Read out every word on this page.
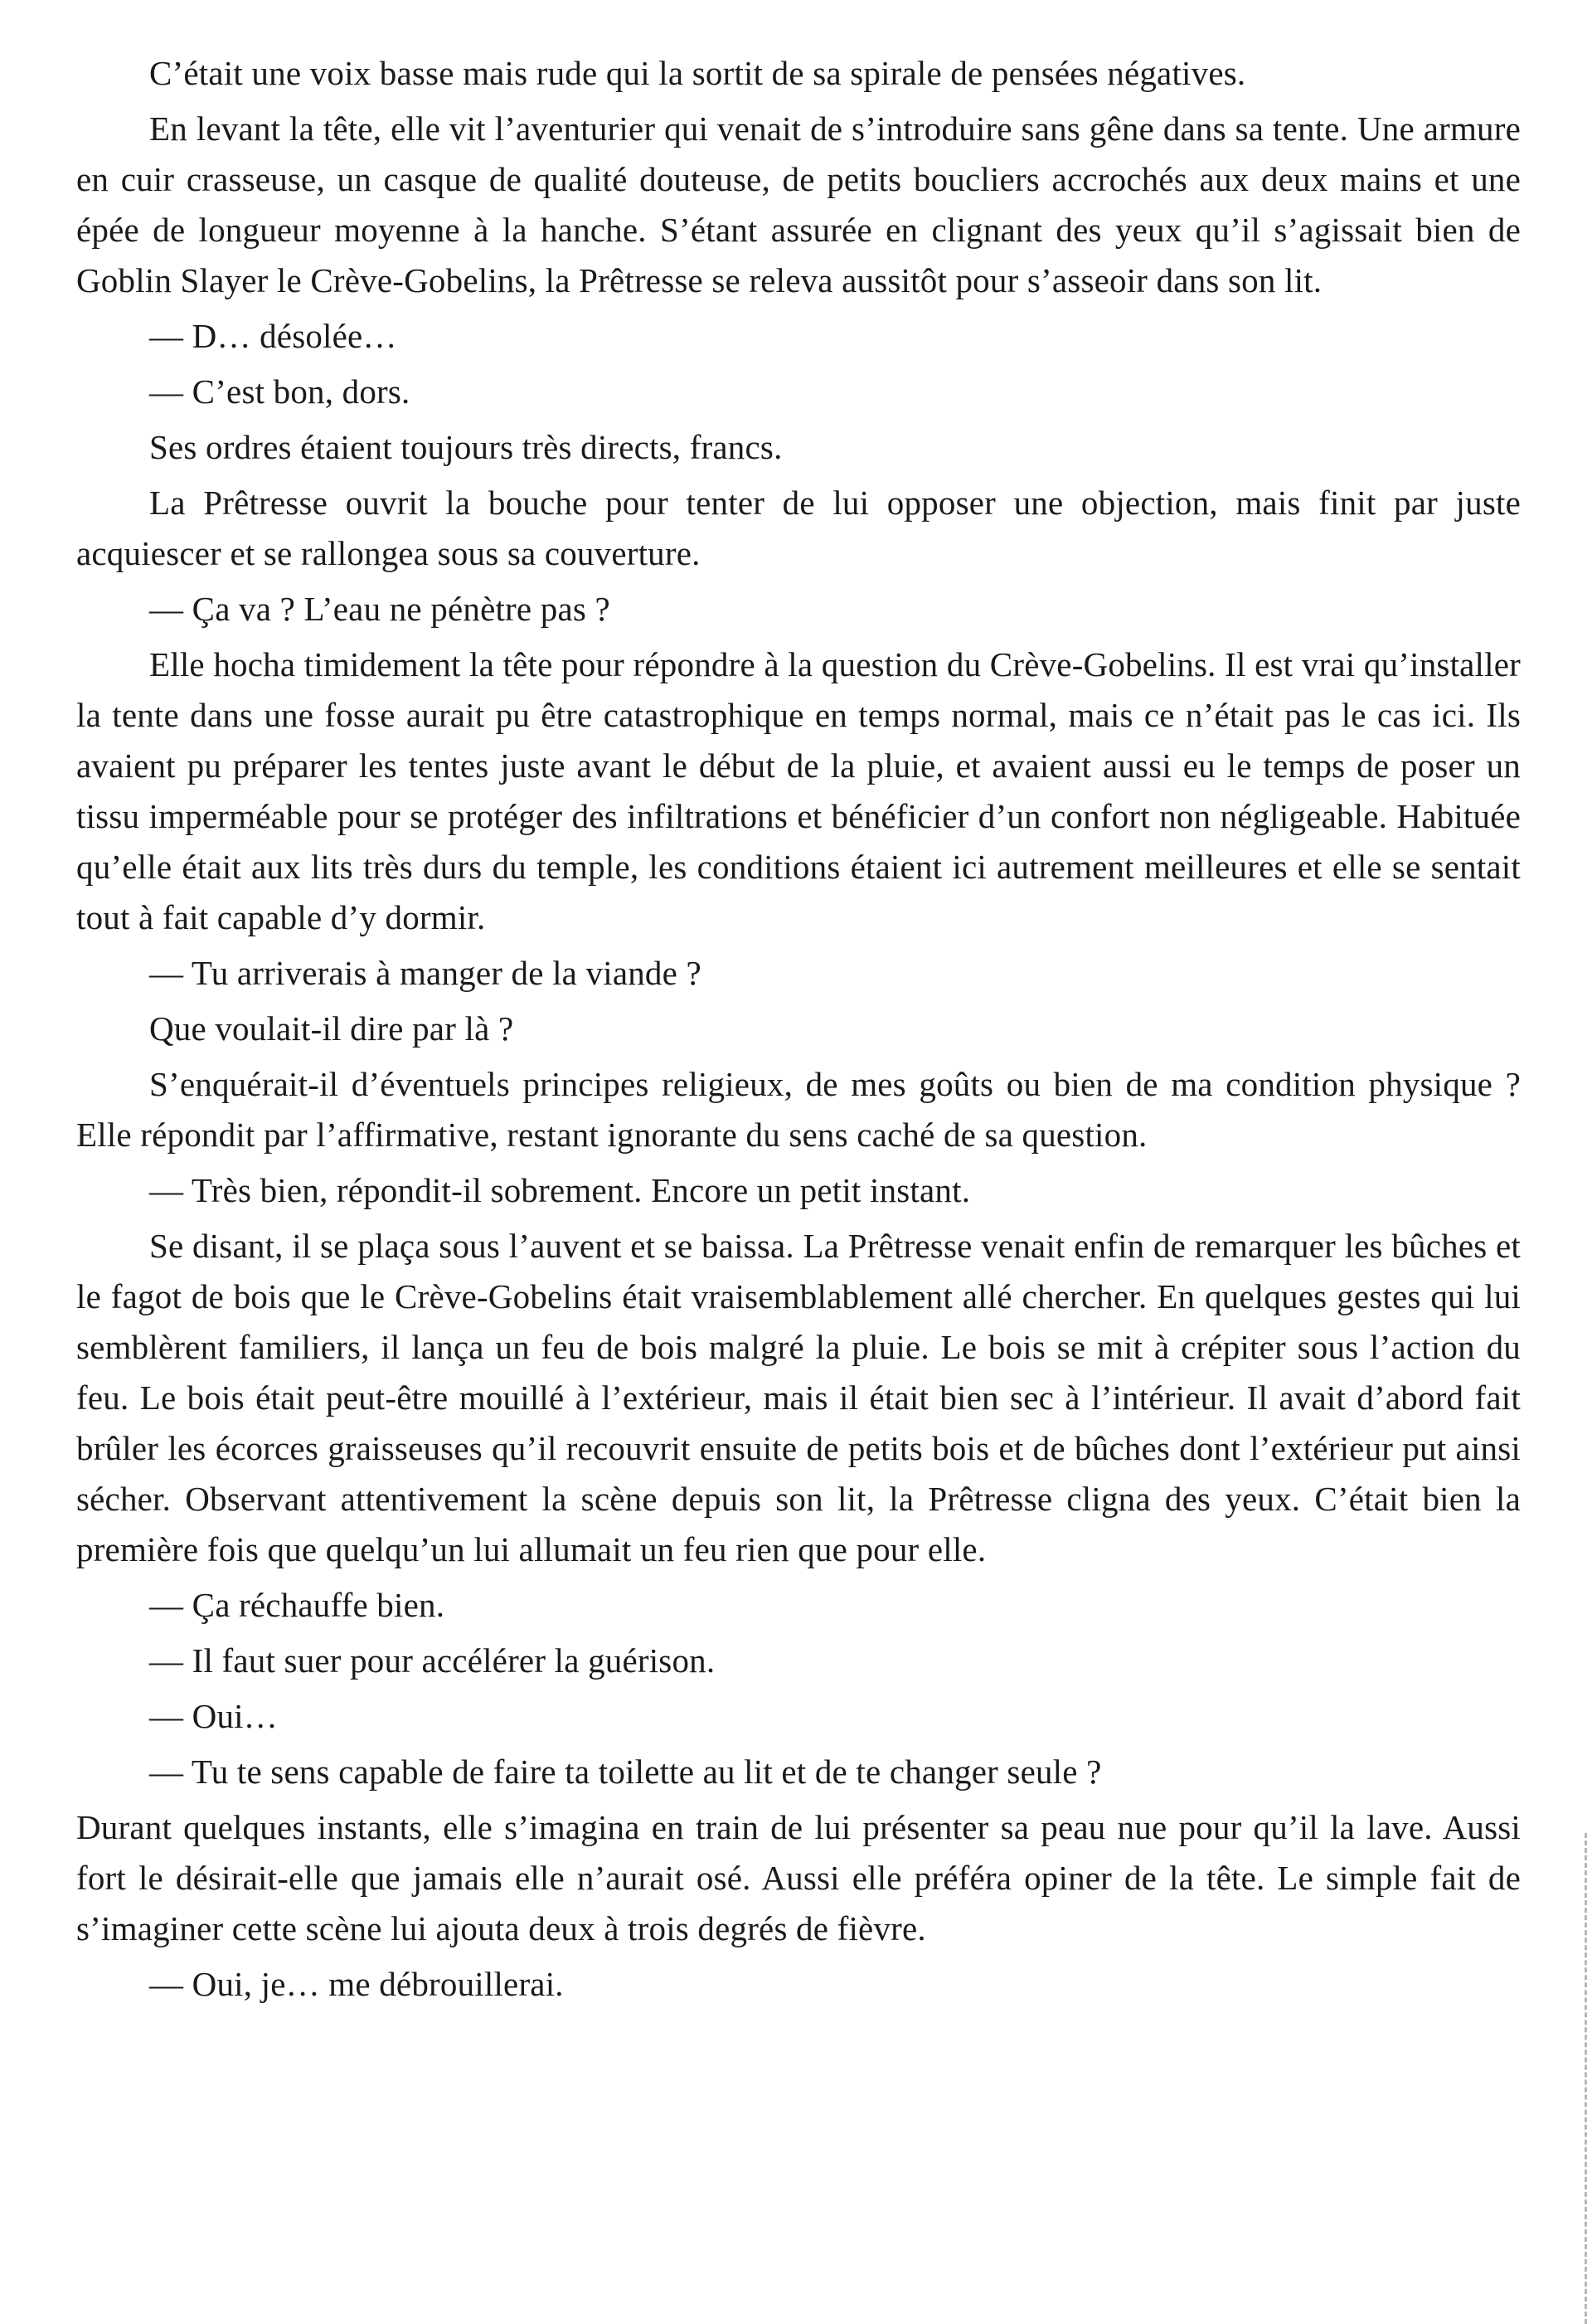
C’était une voix basse mais rude qui la sortit de sa spirale de pensées négatives.

En levant la tête, elle vit l’aventurier qui venait de s’introduire sans gêne dans sa tente. Une armure en cuir crasseuse, un casque de qualité douteuse, de petits boucliers accrochés aux deux mains et une épée de longueur moyenne à la hanche. S’étant assurée en clignant des yeux qu’il s’agissait bien de Goblin Slayer le Crève-Gobelins, la Prêtresse se releva aussitôt pour s’asseoir dans son lit.

— D… désolée…

— C’est bon, dors.

Ses ordres étaient toujours très directs, francs.

La Prêtresse ouvrit la bouche pour tenter de lui opposer une objection, mais finit par juste acquiescer et se rallongea sous sa couverture.

— Ça va ? L’eau ne pénètre pas ?

Elle hocha timidement la tête pour répondre à la question du Crève-Gobelins. Il est vrai qu’installer la tente dans une fosse aurait pu être catastrophique en temps normal, mais ce n’était pas le cas ici. Ils avaient pu préparer les tentes juste avant le début de la pluie, et avaient aussi eu le temps de poser un tissu imperméable pour se protéger des infiltrations et bénéficier d’un confort non négligeable. Habituée qu’elle était aux lits très durs du temple, les conditions étaient ici autrement meilleures et elle se sentait tout à fait capable d’y dormir.

— Tu arriverais à manger de la viande ?

Que voulait-il dire par là ?

S’enquérait-il d’éventuels principes religieux, de mes goûts ou bien de ma condition physique ? Elle répondit par l’affirmative, restant ignorante du sens caché de sa question.

— Très bien, répondit-il sobrement. Encore un petit instant.

Se disant, il se plaça sous l’auvent et se baissa. La Prêtresse venait enfin de remarquer les bûches et le fagot de bois que le Crève-Gobelins était vraisemblablement allé chercher. En quelques gestes qui lui semblèrent familiers, il lança un feu de bois malgré la pluie. Le bois se mit à crépiter sous l’action du feu. Le bois était peut-être mouillé à l’extérieur, mais il était bien sec à l’intérieur. Il avait d’abord fait brûler les écorces graisseuses qu’il recouvrit ensuite de petits bois et de bûches dont l’extérieur put ainsi sécher. Observant attentivement la scène depuis son lit, la Prêtresse cligna des yeux. C’était bien la première fois que quelqu’un lui allumait un feu rien que pour elle.

— Ça réchauffe bien.

— Il faut suer pour accélérer la guérison.

— Oui…

— Tu te sens capable de faire ta toilette au lit et de te changer seule ?

Durant quelques instants, elle s’imagina en train de lui présenter sa peau nue pour qu’il la lave. Aussi fort le désirait-elle que jamais elle n’aurait osé. Aussi elle préféra opiner de la tête. Le simple fait de s’imaginer cette scène lui ajouta deux à trois degrés de fièvre.

— Oui, je… me débrouillerai.
